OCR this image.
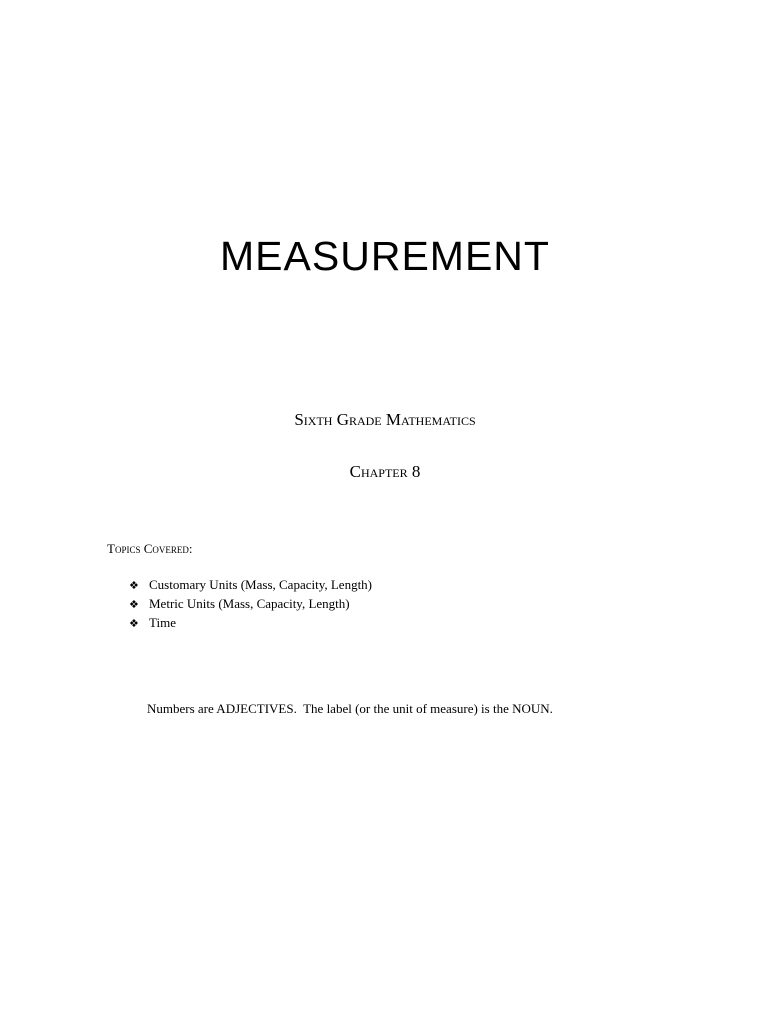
MEASUREMENT
Sixth Grade Mathematics
Chapter 8
Topics Covered:
❖ Customary Units (Mass, Capacity, Length)
❖ Metric Units (Mass, Capacity, Length)
❖ Time
Numbers are ADJECTIVES.  The label (or the unit of measure) is the NOUN.
